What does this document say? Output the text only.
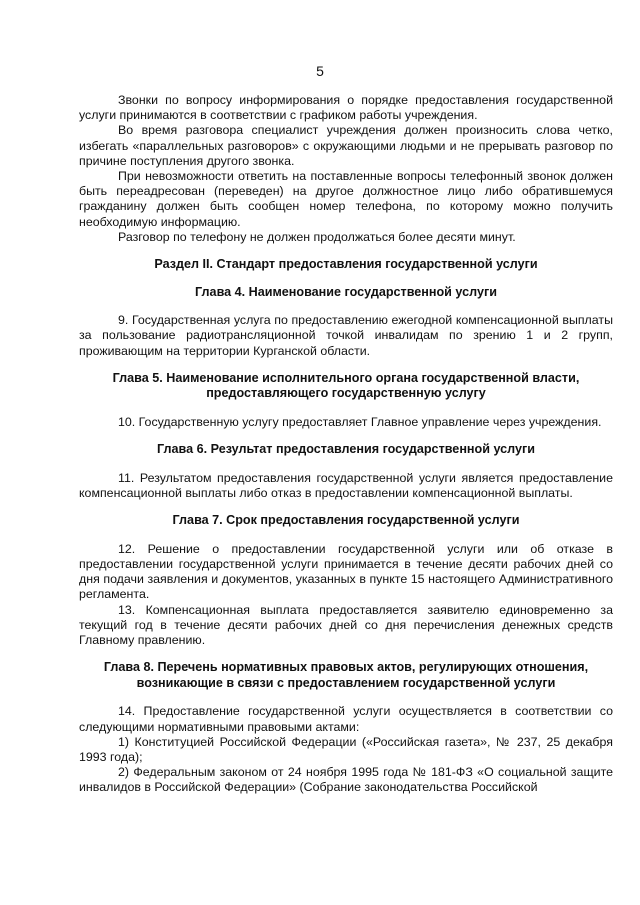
5

Звонки по вопросу информирования о порядке предоставления государственной услуги принимаются в соответствии с графиком работы учреждения.

Во время разговора специалист учреждения должен произносить слова четко, избегать «параллельных разговоров» с окружающими людьми и не прерывать разговор по причине поступления другого звонка.

При невозможности ответить на поставленные вопросы телефонный звонок должен быть переадресован (переведен) на другое должностное лицо либо обратившемуся гражданину должен быть сообщен номер телефона, по которому можно получить необходимую информацию.

Разговор по телефону не должен продолжаться более десяти минут.

Раздел II. Стандарт предоставления государственной услуги

Глава 4. Наименование государственной услуги

9. Государственная услуга по предоставлению ежегодной компенсационной выплаты за пользование радиотрансляционной точкой инвалидам по зрению 1 и 2 групп, проживающим на территории Курганской области.

Глава 5. Наименование исполнительного органа государственной власти,

предоставляющего государственную услугу

10. Государственную услугу предоставляет Главное управление через учреждения.

Глава 6. Результат предоставления государственной услуги

11. Результатом предоставления государственной услуги является предоставление компенсационной выплаты либо отказ в предоставлении компенсационной выплаты.

Глава 7. Срок предоставления государственной услуги

12. Решение о предоставлении государственной услуги или об отказе в предоставлении государственной услуги принимается в течение десяти рабочих дней со дня подачи заявления и документов, указанных в пункте 15 настоящего Административного регламента.

13. Компенсационная выплата предоставляется заявителю единовременно за текущий год в течение десяти рабочих дней со дня перечисления денежных средств Главному правлению.

Глава 8. Перечень нормативных правовых актов, регулирующих отношения,

возникающие в связи с предоставлением государственной услуги

14. Предоставление государственной услуги осуществляется в соответствии со следующими нормативными правовыми актами:

1) Конституцией Российской Федерации («Российская газета», № 237, 25 декабря 1993 года);

2) Федеральным законом от 24 ноября 1995 года № 181-ФЗ «О социальной защите инвалидов в Российской Федерации» (Собрание законодательства Российской
